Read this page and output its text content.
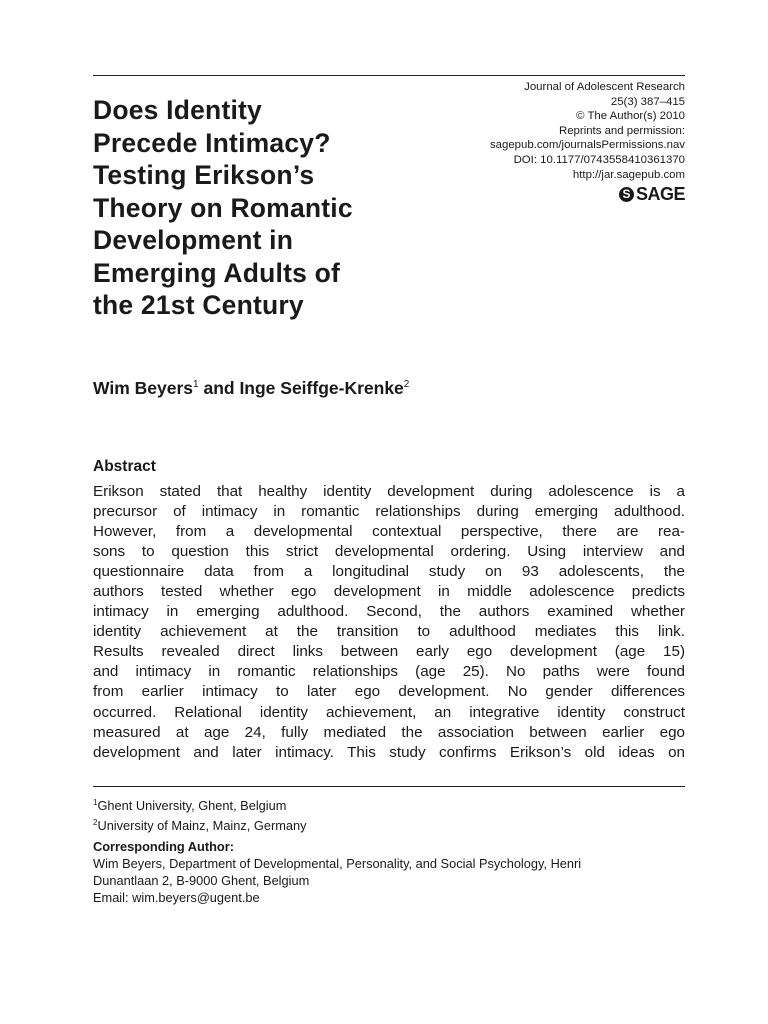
Does Identity
Precede Intimacy?
Testing Erikson’s
Theory on Romantic
Development in
Emerging Adults of
the 21st Century
Journal of Adolescent Research
25(3) 387–415
© The Author(s) 2010
Reprints and permission:
sagepub.com/journalsPermissions.nav
DOI: 10.1177/0743558410361370
http://jar.sagepub.com
S SAGE
Wim Beyers$^1$ and Inge Seiffge-Krenke$^2$
Abstract
Erikson stated that healthy identity development during adolescence is a
precursor of intimacy in romantic relationships during emerging adulthood.
However, from a developmental contextual perspective, there are rea-
sons to question this strict developmental ordering. Using interview and
questionnaire data from a longitudinal study on 93 adolescents, the
authors tested whether ego development in middle adolescence predicts
intimacy in emerging adulthood. Second, the authors examined whether
identity achievement at the transition to adulthood mediates this link.
Results revealed direct links between early ego development (age 15)
and intimacy in romantic relationships (age 25). No paths were found
from earlier intimacy to later ego development. No gender differences
occurred. Relational identity achievement, an integrative identity construct
measured at age 24, fully mediated the association between earlier ego
development and later intimacy. This study confirms Erikson’s old ideas on
$^1$Ghent University, Ghent, Belgium
$^2$University of Mainz, Mainz, Germany
Corresponding Author:
Wim Beyers, Department of Developmental, Personality, and Social Psychology, Henri
Dunantlaan 2, B-9000 Ghent, Belgium
Email: wim.beyers@ugent.be
